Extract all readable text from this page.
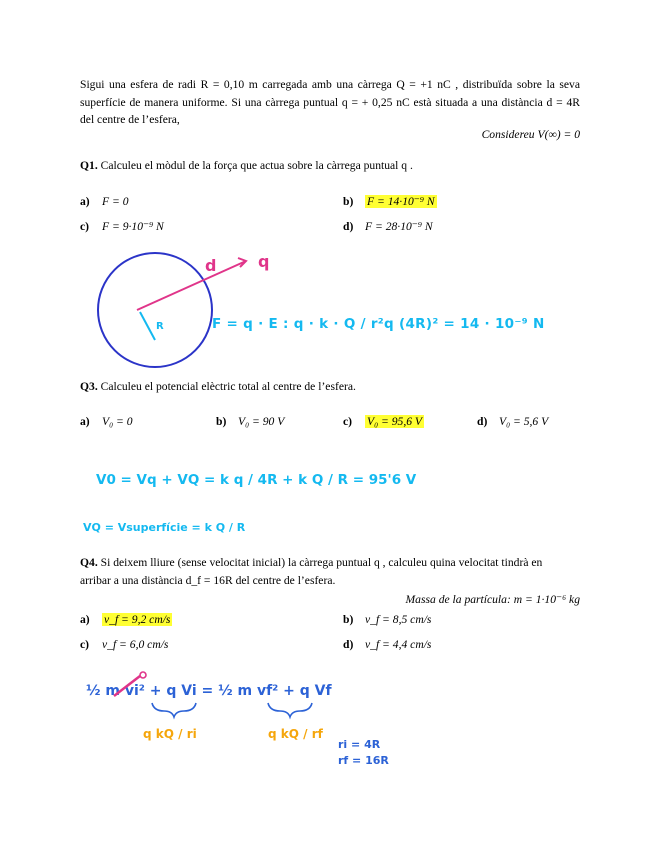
Sigui una esfera de radi R = 0,10 m carregada amb una càrrega Q = +1 nC , distribuïda sobre la seva
superfície de manera uniforme. Si una càrrega puntual q = + 0,25 nC està situada a una distància d = 4R
del centre de l’esfera,
Considereu V(∞) = 0
Q1. Calculeu el mòdul de la força que actua sobre la càrrega puntual q .
a) F = 0	b) F = 14·10⁻⁹ N
c) F = 9·10⁻⁹ N	d) F = 28·10⁻⁹ N
d	q
R	F = q · E : q · k · Q / r²q (4R)² = 14 · 10⁻⁹ N
Q3. Calculeu el potencial elèctric total al centre de l’esfera.
a) V₀ = 0	b) V₀ = 90 V	c) V₀ = 95,6 V	d) V₀ = 5,6 V
V0 = Vq + VQ = k q / 4R + k Q / R = 95'6 V
VQ = Vsuperfície = k Q / R
Q4. Si deixem lliure (sense velocitat inicial) la càrrega puntual q , calculeu quina velocitat tindrà en
arribar a una distància d_f = 16R del centre de l’esfera.
Massa de la partícula: m = 1·10⁻⁶ kg
a) v_f = 9,2 cm/s	b) v_f = 8,5 cm/s
c) v_f = 6,0 cm/s	d) v_f = 4,4 cm/s
½ m vi² + q Vi = ½ m vf² + q Vf
q kQ / ri	q kQ / rf
ri = 4R
rf = 16R
